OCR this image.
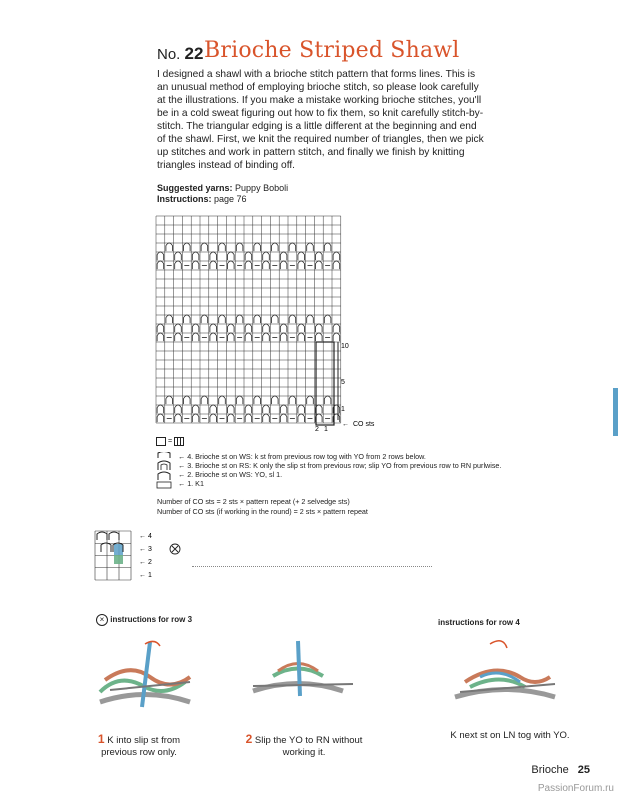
No. 22 Brioche Striped Shawl
I designed a shawl with a brioche stitch pattern that forms lines. This is an unusual method of employing brioche stitch, so please look carefully at the illustrations. If you make a mistake working brioche stitches, you'll be in a cold sweat figuring out how to fix them, so knit carefully stitch-by-stitch. The triangular edging is a little different at the beginning and end of the shawl. First, we knit the required number of triangles, then we pick up stitches and work in pattern stitch, and finally we finish by knitting triangles instead of binding off.
Suggested yarns: Puppy Boboli
Instructions: page 76
10
5
1
2 1
CO sts
←
=
← 4. Brioche st on WS: k st from previous row tog with YO from 2 rows below.
← 3. Brioche st on RS: K only the slip st from previous row; slip YO from previous row to RN purlwise.
← 2. Brioche st on WS: YO, sl 1.
← 1. K1
Number of CO sts = 2 sts × pattern repeat (+ 2 selvedge sts)
Number of CO sts (if working in the round) = 2 sts × pattern repeat
← 4
← 3
← 2
← 1
× instructions for row 3	instructions for row 4
1 K into slip st from previous row only.
2 Slip the YO to RN without working it.
K next st on LN tog with YO.
Brioche 25
PassionForum.ru
